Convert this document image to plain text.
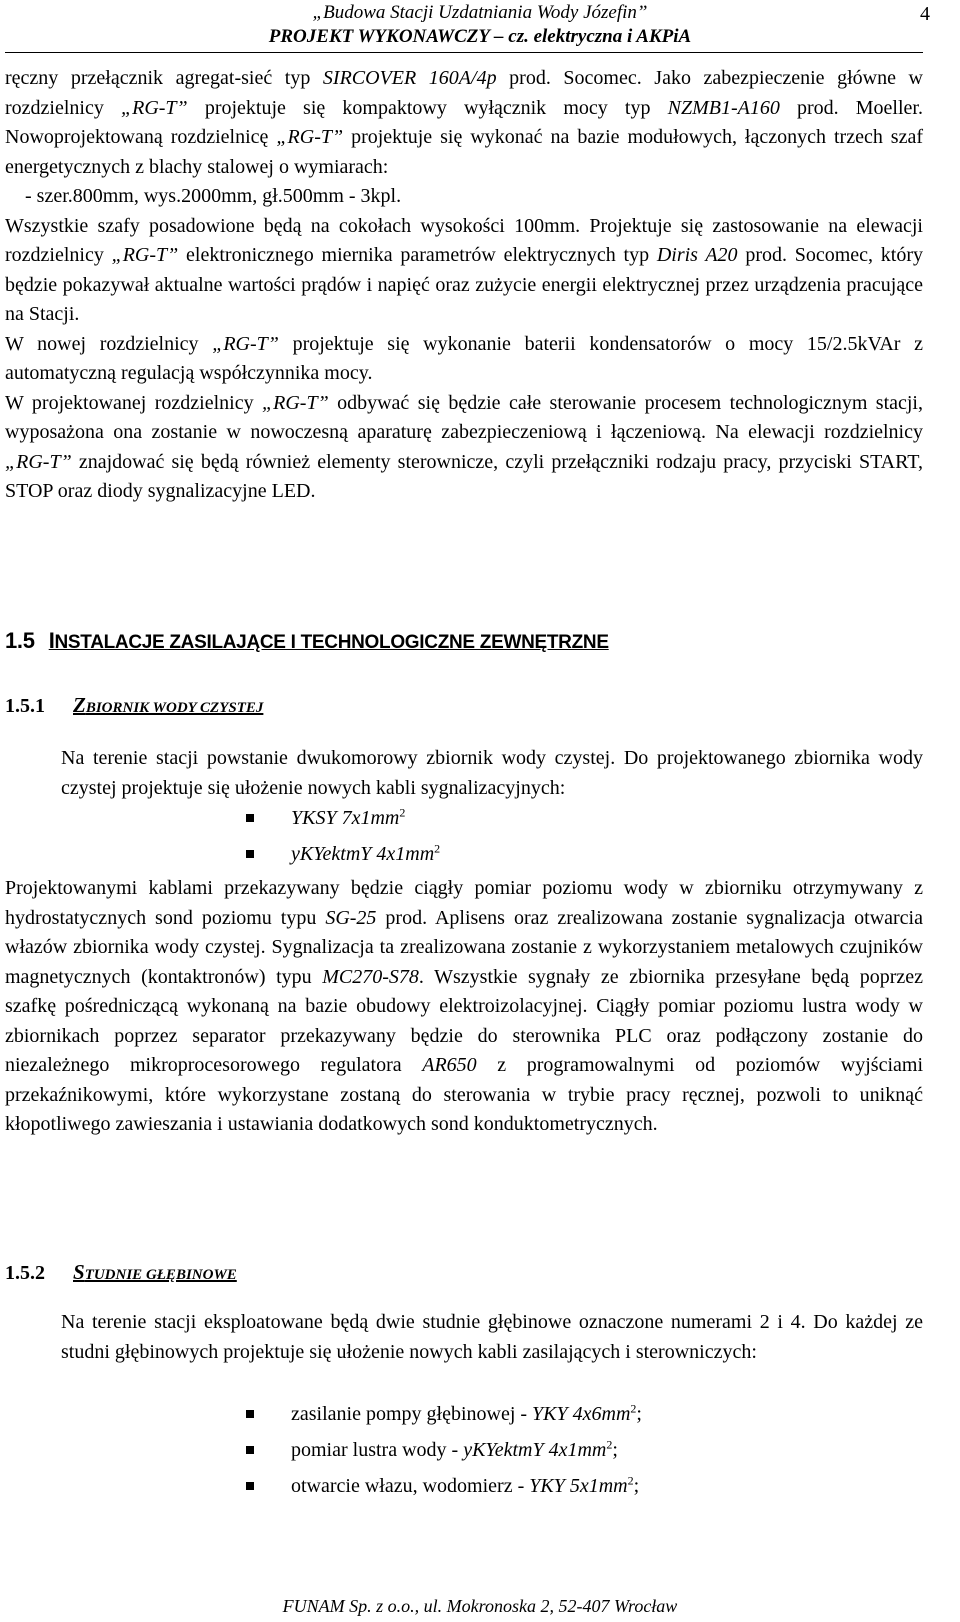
„Budowa Stacji Uzdatniania Wody Józefin”
PROJEKT WYKONAWCZY – cz. elektryczna i AKPiA
4

ręczny przełącznik agregat-sieć typ SIRCOVER 160A/4p prod. Socomec. Jako zabezpieczenie główne w rozdzielnicy „RG-T” projektuje się kompaktowy wyłącznik mocy typ NZMB1-A160 prod. Moeller. Nowoprojektowaną rozdzielnicę „RG-T” projektuje się wykonać na bazie modułowych, łączonych trzech szaf energetycznych z blachy stalowej o wymiarach:

- szer.800mm, wys.2000mm, gł.500mm - 3kpl.

Wszystkie szafy posadowione będą na cokołach wysokości 100mm. Projektuje się zastosowanie na elewacji rozdzielnicy „RG-T” elektronicznego miernika parametrów elektrycznych typ Diris A20 prod. Socomec, który będzie pokazywał aktualne wartości prądów i napięć oraz zużycie energii elektrycznej przez urządzenia pracujące na Stacji.

W nowej rozdzielnicy „RG-T” projektuje się wykonanie baterii kondensatorów o mocy 15/2.5kVAr z automatyczną regulacją współczynnika mocy.

W projektowanej rozdzielnicy „RG-T” odbywać się będzie całe sterowanie procesem technologicznym stacji, wyposażona ona zostanie w nowoczesną aparaturę zabezpieczeniową i łączeniową. Na elewacji rozdzielnicy „RG-T” znajdować się będą również elementy sterownicze, czyli przełączniki rodzaju pracy, przyciski START, STOP oraz diody sygnalizacyjne LED.

1.5 INSTALACJE ZASILAJĄCE I TECHNOLOGICZNE ZEWNĘTRZNE
1.5.1 ZBIORNIK WODY CZYSTEJ

Na terenie stacji powstanie dwukomorowy zbiornik wody czystej. Do projektowanego zbiornika wody czystej projektuje się ułożenie nowych kabli sygnalizacyjnych:

YKSY $7x1mm^2$
yKYektmY $4x1mm^2$

Projektowanymi kablami przekazywany będzie ciągły pomiar poziomu wody w zbiorniku otrzymywany z hydrostatycznych sond poziomu typu SG-25 prod. Aplisens oraz zrealizowana zostanie sygnalizacja otwarcia włazów zbiornika wody czystej. Sygnalizacja ta zrealizowana zostanie z wykorzystaniem metalowych czujników magnetycznych (kontaktronów) typu MC270-S78. Wszystkie sygnały ze zbiornika przesyłane będą poprzez szafkę pośredniczącą wykonaną na bazie obudowy elektroizolacyjnej. Ciągły pomiar poziomu lustra wody w zbiornikach poprzez separator przekazywany będzie do sterownika PLC oraz podłączony zostanie do niezależnego mikroprocesorowego regulatora AR650 z programowalnymi od poziomów wyjściami przekaźnikowymi, które wykorzystane zostaną do sterowania w trybie pracy ręcznej, pozwoli to uniknąć kłopotliwego zawieszania i ustawiania dodatkowych sond konduktometrycznych.

1.5.2 STUDNIE GŁĘBINOWE

Na terenie stacji eksploatowane będą dwie studnie głębinowe oznaczone numerami 2 i 4. Do każdej ze studni głębinowych projektuje się ułożenie nowych kabli zasilających i sterowniczych:

zasilanie pompy głębinowej - YKY $4x6mm^2$;
pomiar lustra wody - yKYektmY $4x1mm^2$;
otwarcie włazu, wodomierz - YKY $5x1mm^2$;
FUNAM Sp. z o.o., ul. Mokronoska 2, 52-407 Wrocław
